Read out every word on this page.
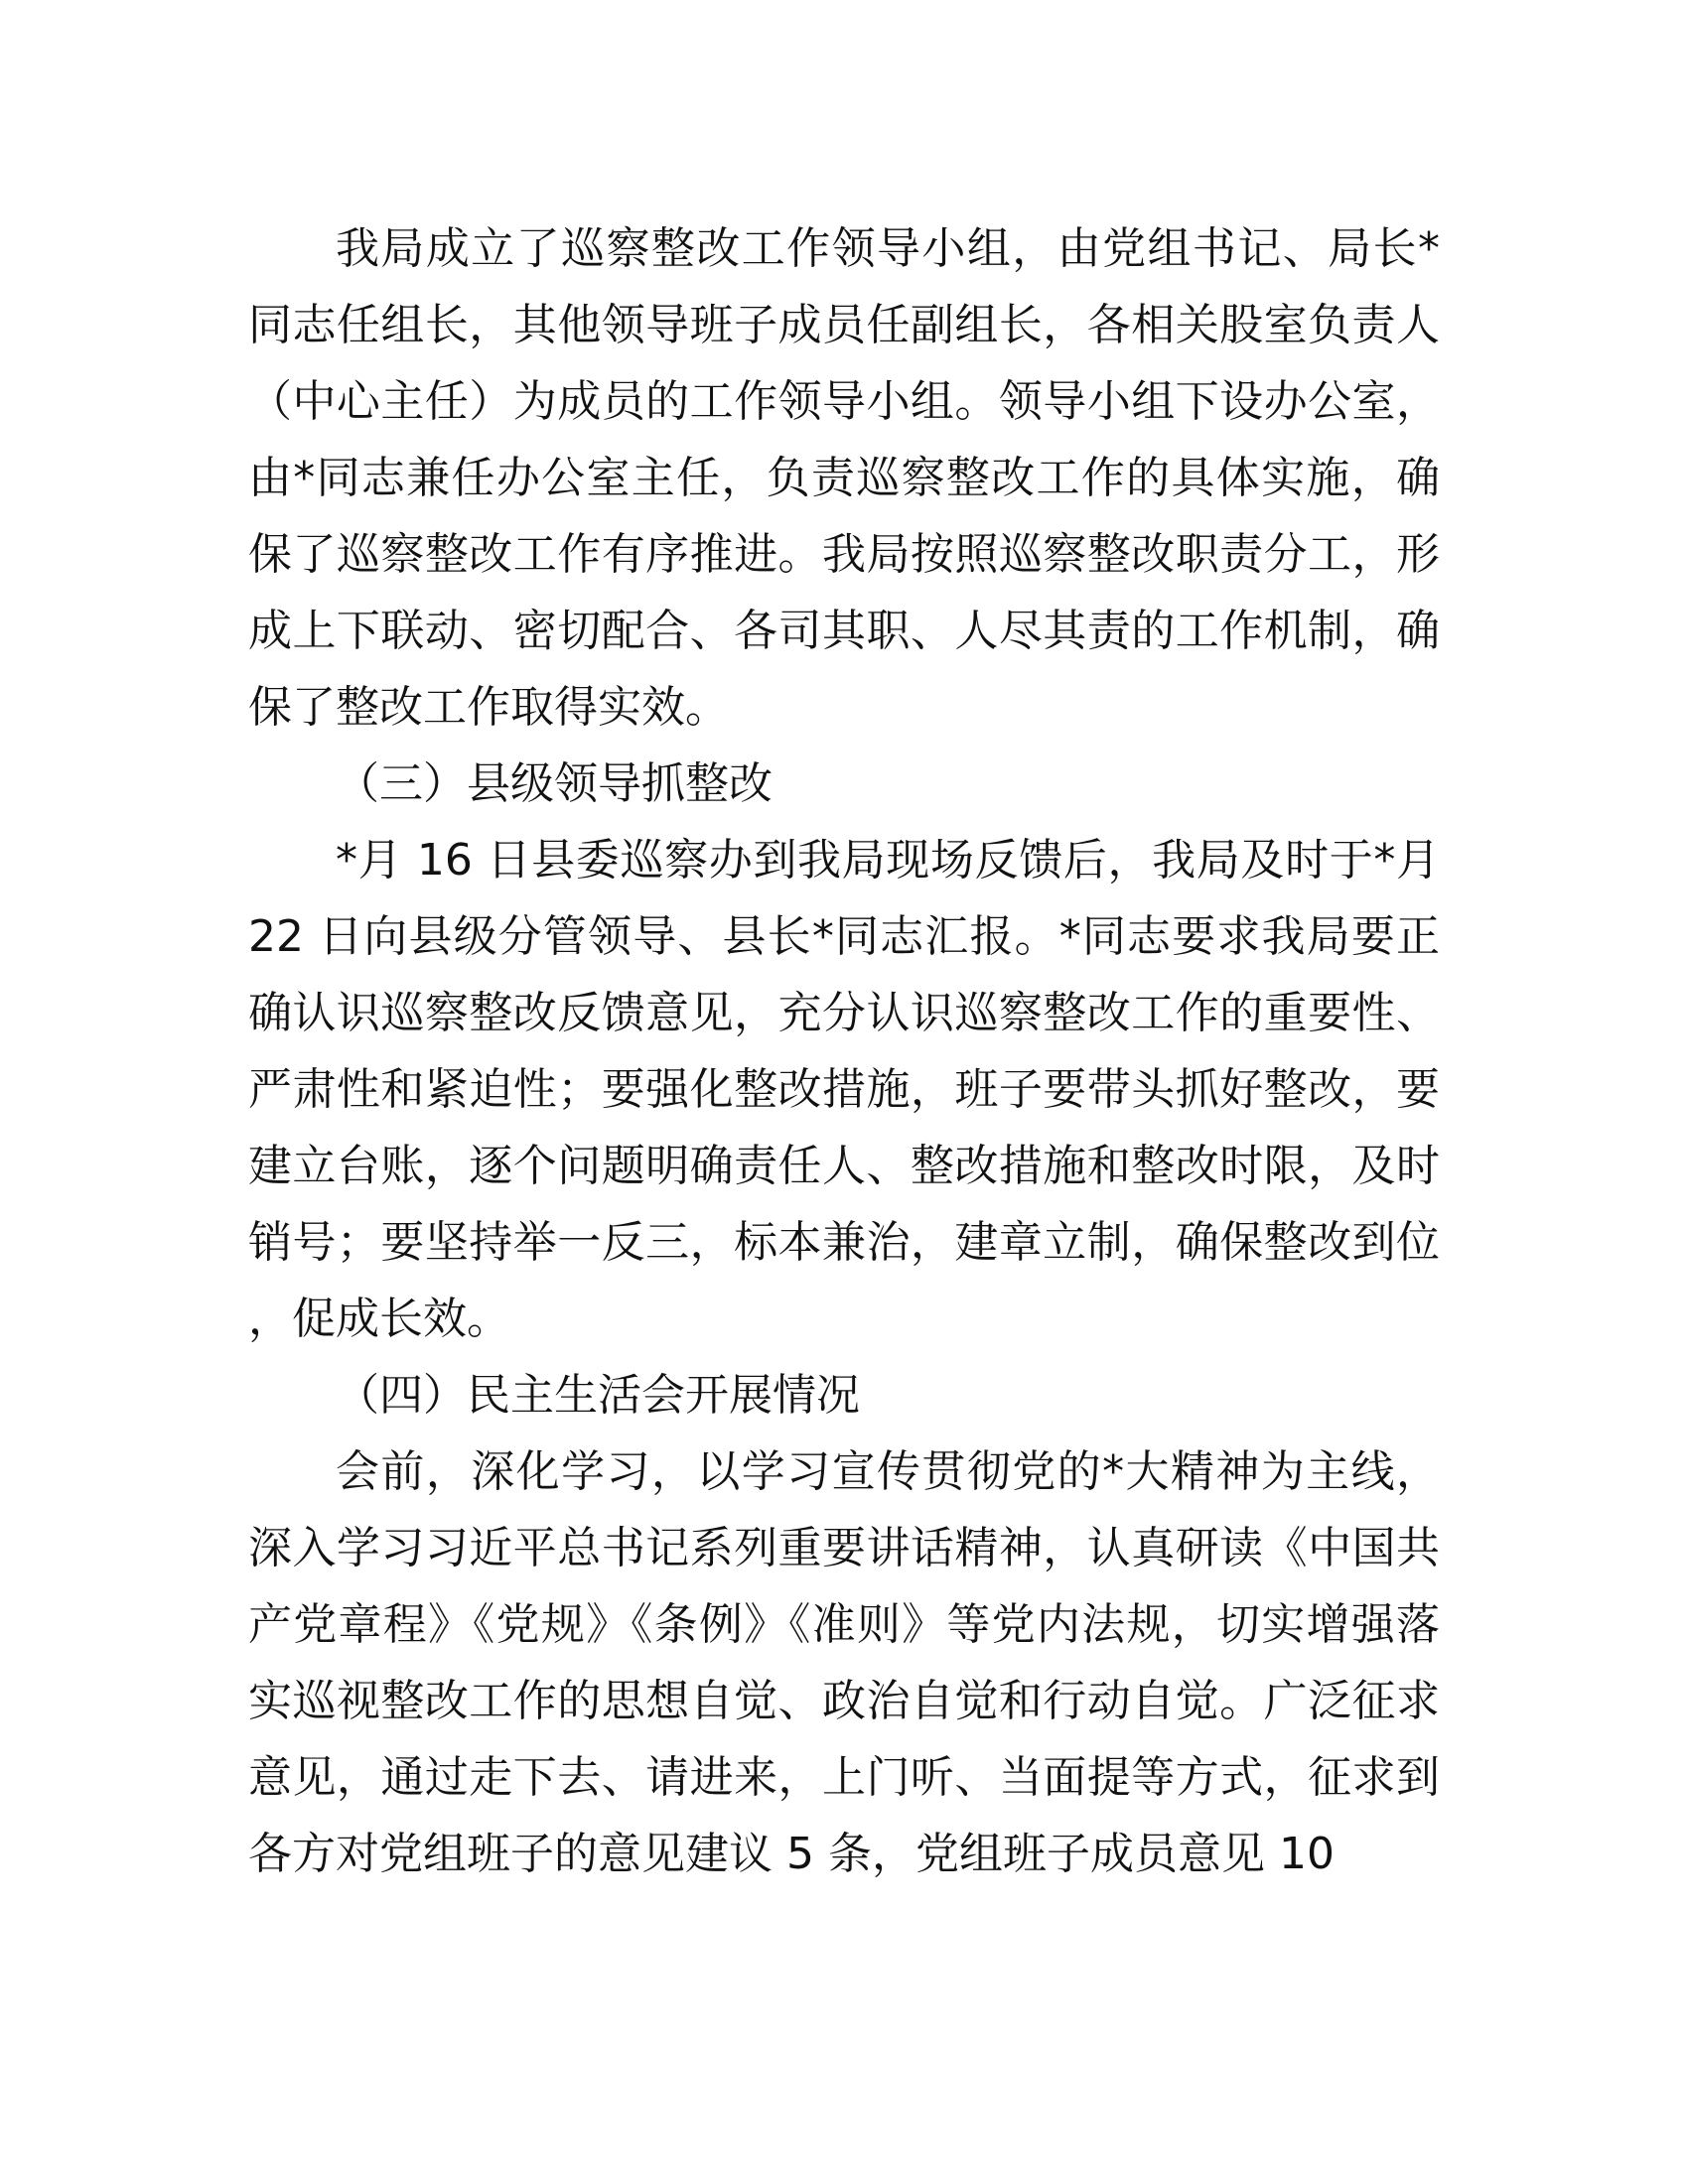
我局成立了巡察整改工作领导小组，由党组书记、局长*同志任组长，其他领导班子成员任副组长，各相关股室负责人（中心主任）为成员的工作领导小组。领导小组下设办公室，由*同志兼任办公室主任，负责巡察整改工作的具体实施，确保了巡察整改工作有序推进。我局按照巡察整改职责分工，形成上下联动、密切配合、各司其职、人尽其责的工作机制，确保了整改工作取得实效。

（三）县级领导抓整改

*月 16 日县委巡察办到我局现场反馈后，我局及时于*月 22 日向县级分管领导、县长*同志汇报。*同志要求我局要正确认识巡察整改反馈意见，充分认识巡察整改工作的重要性、严肃性和紧迫性；要强化整改措施，班子要带头抓好整改，要建立台账，逐个问题明确责任人、整改措施和整改时限，及时销号；要坚持举一反三，标本兼治，建章立制，确保整改到位，促成长效。

（四）民主生活会开展情况

会前，深化学习，以学习宣传贯彻党的*大精神为主线，深入学习习近平总书记系列重要讲话精神，认真研读《中国共产党章程》《党规》《条例》《准则》等党内法规，切实增强落实巡视整改工作的思想自觉、政治自觉和行动自觉。广泛征求意见，通过走下去、请进来，上门听、当面提等方式，征求到各方对党组班子的意见建议 5 条，党组班子成员意见 10
